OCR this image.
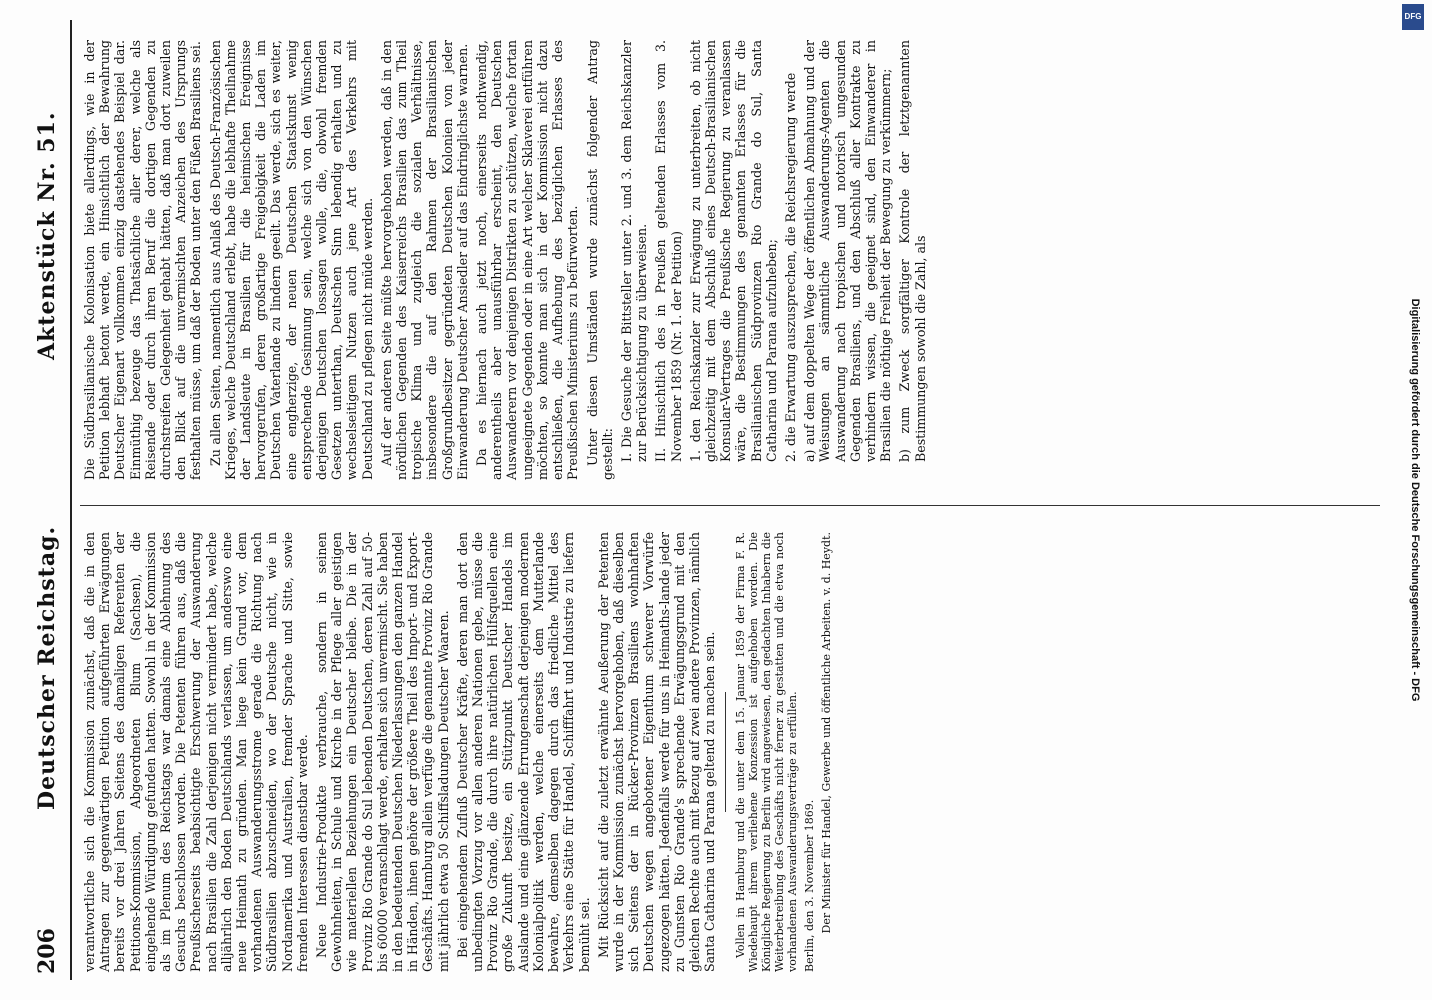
206
Deutscher Reichstag.
Aktenstück Nr. 51.

verantwortliche sich die Kommission zunächst, daß die in den Antragen zur gegenwärtigen Petition aufgeführten Erwägungen bereits vor drei Jahren Seitens des damaligen Referenten der Petitions-Kommission, Abgeordneten Blum (Sachsen), die eingehende Würdigung gefunden hatten. Sowohl in der Kommission als im Plenum des Reichstags war damals eine Ablehnung des Gesuchs beschlossen worden. Die Petenten führen aus, daß die Preußischerseits beabsichtigte Erschwerung der Auswanderung nach Brasilien die Zahl derjenigen nicht vermindert habe, welche alljährlich den Boden Deutschlands verlassen, um anderswo eine neue Heimath zu gründen. Man liege kein Grund vor, dem vorhandenen Auswanderungsstrome gerade die Richtung nach Südbrasilien abzuschneiden, wo der Deutsche nicht, wie in Nordamerika und Australien, fremder Sprache und Sitte, sowie fremden Interessen dienstbar werde. Neue Industrie-Produkte verbrauche, sondern in seinen Gewohnheiten, in Schule und Kirche in der Pflege aller geistigen wie materiellen Beziehungen ein Deutscher bleibe. Die in der Provinz Rio Grande do Sul lebenden Deutschen, deren Zahl auf 50- bis 60000 veranschlagt werde, erhalten sich unvermischt. Sie haben in den bedeutenden Deutschen Niederlassungen den ganzen Handel in Händen, ihnen gehöre der größere Theil des Import- und Export-Geschäfts. Hamburg allein verfüge die genannte Provinz Rio Grande mit jährlich etwa 50 Schiffsladungen Deutscher Waaren. Bei eingehendem Zufluß Deutscher Kräfte, deren man dort den unbedingten Vorzug vor allen anderen Nationen gebe, müsse die Provinz Rio Grande, die durch ihre natürlichen Hülfsquellen eine große Zukunft besitze, ein Stützpunkt Deutscher Handels im Auslande und eine glänzende Errungenschaft derjenigen modernen Kolonialpolitik werden, welche einerseits dem Mutterlande bewahre, demselben dagegen durch das friedliche Mittel des Verkehrs eine Stätte für Handel, Schifffahrt und Industrie zu liefern bemüht sei. Mit Rücksicht auf die zuletzt erwähnte Aeußerung der Petenten wurde in der Kommission zunächst hervorgehoben, daß dieselben sich Seitens der in Rücker-Provinzen Brasiliens wohnhaften Deutschen wegen angebotener Eigenthum schwerer Vorwürfe zugezogen hätten. Jedenfalls werde für uns in Heimaths-lande jeder zu Gunsten Rio Grande's sprechende Erwägungsgrund mit den gleichen Rechte auch mit Bezug auf zwei andere Provinzen, nämlich Santa Catharina und Parana geltend zu machen sein. Vollen in Hamburg und die unter dem 15. Januar 1859 der Firma F. R. Wiedehaupt ihrem verliehene Konzession ist aufgehoben worden. Die Königliche Regierung zu Berlin wird angewiesen, den gedachten Inhabern die Weiterbetreibung des Geschäfts nicht ferner zu gestatten und die etwa noch vorhandenen Auswanderungsverträge zu erfüllen. Berlin, den 3. November 1869. Der Minister für Handel, Gewerbe und öffentliche Arbeiten. v. d. Heydt.

Die Südbrasilianische Kolonisation biete allerdings, wie in der Petition lebhaft betont werde, ein Hinsichtlich der Bewahrung Deutscher Eigenart vollkommen einzig dastehendes Beispiel dar. Einmüthig bezeuge das Thatsächliche aller derer, welche als Reisende oder durch ihren Beruf die dortigen Gegenden zu durchstreifen Gelegenheit gehabt hätten, daß man dort zuweilen den Blick auf die unvermischten Anzeichen des Ursprungs festhalten müsse, um daß der Boden unter den Füßen Brasiliens sei. Zu allen Seiten, namentlich aus Anlaß des Deutsch-Französischen Krieges, welche Deutschland erlebt, habe die lebhafte Theilnahme der Landsleute in Brasilien für die heimischen Ereignisse hervorgerufen, deren großartige Freigebigkeit die Laden im Deutschen Vaterlande zu lindern geeilt. Das werde, sich es weiter, eine engherzige, der neuen Deutschen Staatskunst wenig entsprechende Gesinnung sein, welche sich von den Wünschen derjenigen Deutschen lossagen wolle, die, obwohl fremden Gesetzen unterthan, Deutschen Sinn lebendig erhalten und zu wechselseitigem Nutzen auch jene Art des Verkehrs mit Deutschland zu pflegen nicht müde werden. Auf der anderen Seite müßte hervorgehoben werden, daß in den nördlichen Gegenden des Kaiserreichs Brasilien das zum Theil tropische Klima und zugleich die sozialen Verhältnisse, insbesondere die auf den Rahmen der Brasilianischen Großgrundbesitzer gegründeten Deutschen Kolonien von jeder Einwanderung Deutscher Ansiedler auf das Eindringlichste warnen. Da es hiernach auch jetzt noch, einerseits nothwendig, anderentheils aber unausführbar erscheint, den Deutschen Auswanderern vor denjenigen Distrikten zu schützen, welche fortan ungeeignete Gegenden oder in eine Art welcher Sklaverei entführen möchten, so konnte man sich in der Kommission nicht dazu entschließen, die Aufhebung des bezüglichen Erlasses des Preußischen Ministeriums zu befürworten. Unter diesen Umständen wurde zunächst folgender Antrag gestellt: I. Die Gesuche der Bittsteller unter 2. und 3. dem Reichskanzler zur Berücksichtigung zu überweisen. II. Hinsichtlich des in Preußen geltenden Erlasses vom 3. November 1859 (Nr. 1. der Petition) 1. den Reichskanzler zur Erwägung zu unterbreiten, ob nicht gleichzeitig mit dem Abschluß eines Deutsch-Brasilianischen Konsular-Vertrages die Preußische Regierung zu veranlassen wäre, die Bestimmungen des genannten Erlasses für die Brasilianischen Südprovinzen Rio Grande do Sul, Santa Catharina und Parana aufzuheben; 2. die Erwartung auszusprechen, die Reichsregierung werde a) auf dem doppelten Wege der öffentlichen Abmahnung und der Weisungen an sämmtliche Auswanderungs-Agenten die Auswanderung nach tropischen und notorisch ungesunden Gegenden Brasiliens, und den Abschluß aller Kontrakte zu verhindern wissen, die geeignet sind, den Einwanderer in Brasilien die nöthige Freiheit der Bewegung zu verkümmern; b) zum Zweck sorgfältiger Kontrole der letztgenannten Bestimmungen sowohl die Zahl, als

DFG
Digitalisierung gefördert durch die Deutsche Forschungsgemeinschaft - DFG
